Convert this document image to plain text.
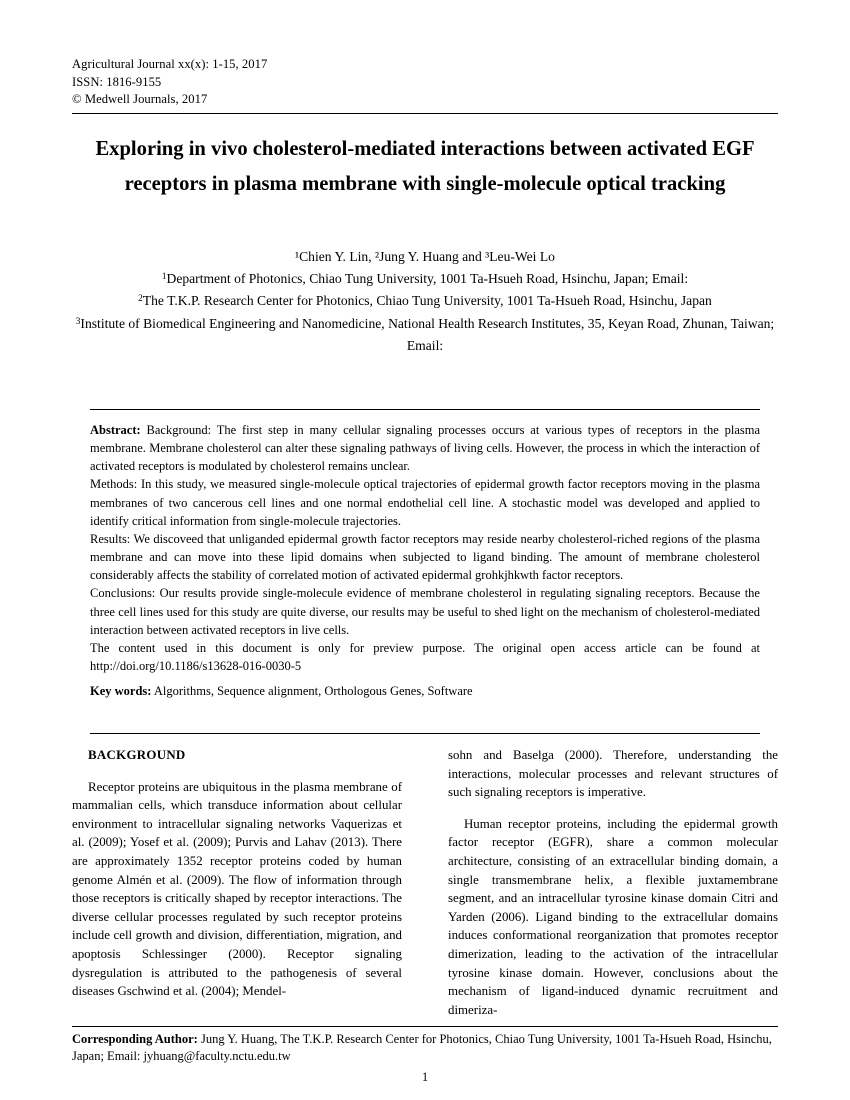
Agricultural Journal xx(x): 1-15, 2017
ISSN: 1816-9155
© Medwell Journals, 2017
Exploring in vivo cholesterol-mediated interactions between activated EGF receptors in plasma membrane with single-molecule optical tracking
¹Chien Y. Lin, ²Jung Y. Huang and ³Leu-Wei Lo
$^1$Department of Photonics, Chiao Tung University, 1001 Ta-Hsueh Road, Hsinchu, Japan; Email:
$^2$The T.K.P. Research Center for Photonics, Chiao Tung University, 1001 Ta-Hsueh Road, Hsinchu, Japan
$^3$Institute of Biomedical Engineering and Nanomedicine, National Health Research Institutes, 35, Keyan Road, Zhunan, Taiwan; Email:

Abstract: Background: The first step in many cellular signaling processes occurs at various types of receptors in the plasma membrane. Membrane cholesterol can alter these signaling pathways of living cells. However, the process in which the interaction of activated receptors is modulated by cholesterol remains unclear.

Methods: In this study, we measured single-molecule optical trajectories of epidermal growth factor receptors moving in the plasma membranes of two cancerous cell lines and one normal endothelial cell line. A stochastic model was developed and applied to identify critical information from single-molecule trajectories.

Results: We discoveed that unliganded epidermal growth factor receptors may reside nearby cholesterol-riched regions of the plasma membrane and can move into these lipid domains when subjected to ligand binding. The amount of membrane cholesterol considerably affects the stability of correlated motion of activated epidermal grohkjhkwth factor receptors.

Conclusions: Our results provide single-molecule evidence of membrane cholesterol in regulating signaling receptors. Because the three cell lines used for this study are quite diverse, our results may be useful to shed light on the mechanism of cholesterol-mediated interaction between activated receptors in live cells.

The content used in this document is only for preview purpose. The original open access article can be found at http://doi.org/10.1186/s13628-016-0030-5

Key words: Algorithms, Sequence alignment, Orthologous Genes, Software

BACKGROUND

Receptor proteins are ubiquitous in the plasma membrane of mammalian cells, which transduce information about cellular environment to intracellular signaling networks Vaquerizas et al. (2009); Yosef et al. (2009); Purvis and Lahav (2013). There are approximately 1352 receptor proteins coded by human genome Almén et al. (2009). The flow of information through those receptors is critically shaped by receptor interactions. The diverse cellular processes regulated by such receptor proteins include cell growth and division, differentiation, migration, and apoptosis Schlessinger (2000). Receptor signaling dysregulation is attributed to the pathogenesis of several diseases Gschwind et al. (2004); Mendel-

sohn and Baselga (2000). Therefore, understanding the interactions, molecular processes and relevant structures of such signaling receptors is imperative.

Human receptor proteins, including the epidermal growth factor receptor (EGFR), share a common molecular architecture, consisting of an extracellular binding domain, a single transmembrane helix, a flexible juxtamembrane segment, and an intracellular tyrosine kinase domain Citri and Yarden (2006). Ligand binding to the extracellular domains induces conformational reorganization that promotes receptor dimerization, leading to the activation of the intracellular tyrosine kinase domain. However, conclusions about the mechanism of ligand-induced dynamic recruitment and dimeriza-

Corresponding Author: Jung Y. Huang, The T.K.P. Research Center for Photonics, Chiao Tung University, 1001 Ta-Hsueh Road, Hsinchu, Japan; Email: jyhuang@faculty.nctu.edu.tw
1
